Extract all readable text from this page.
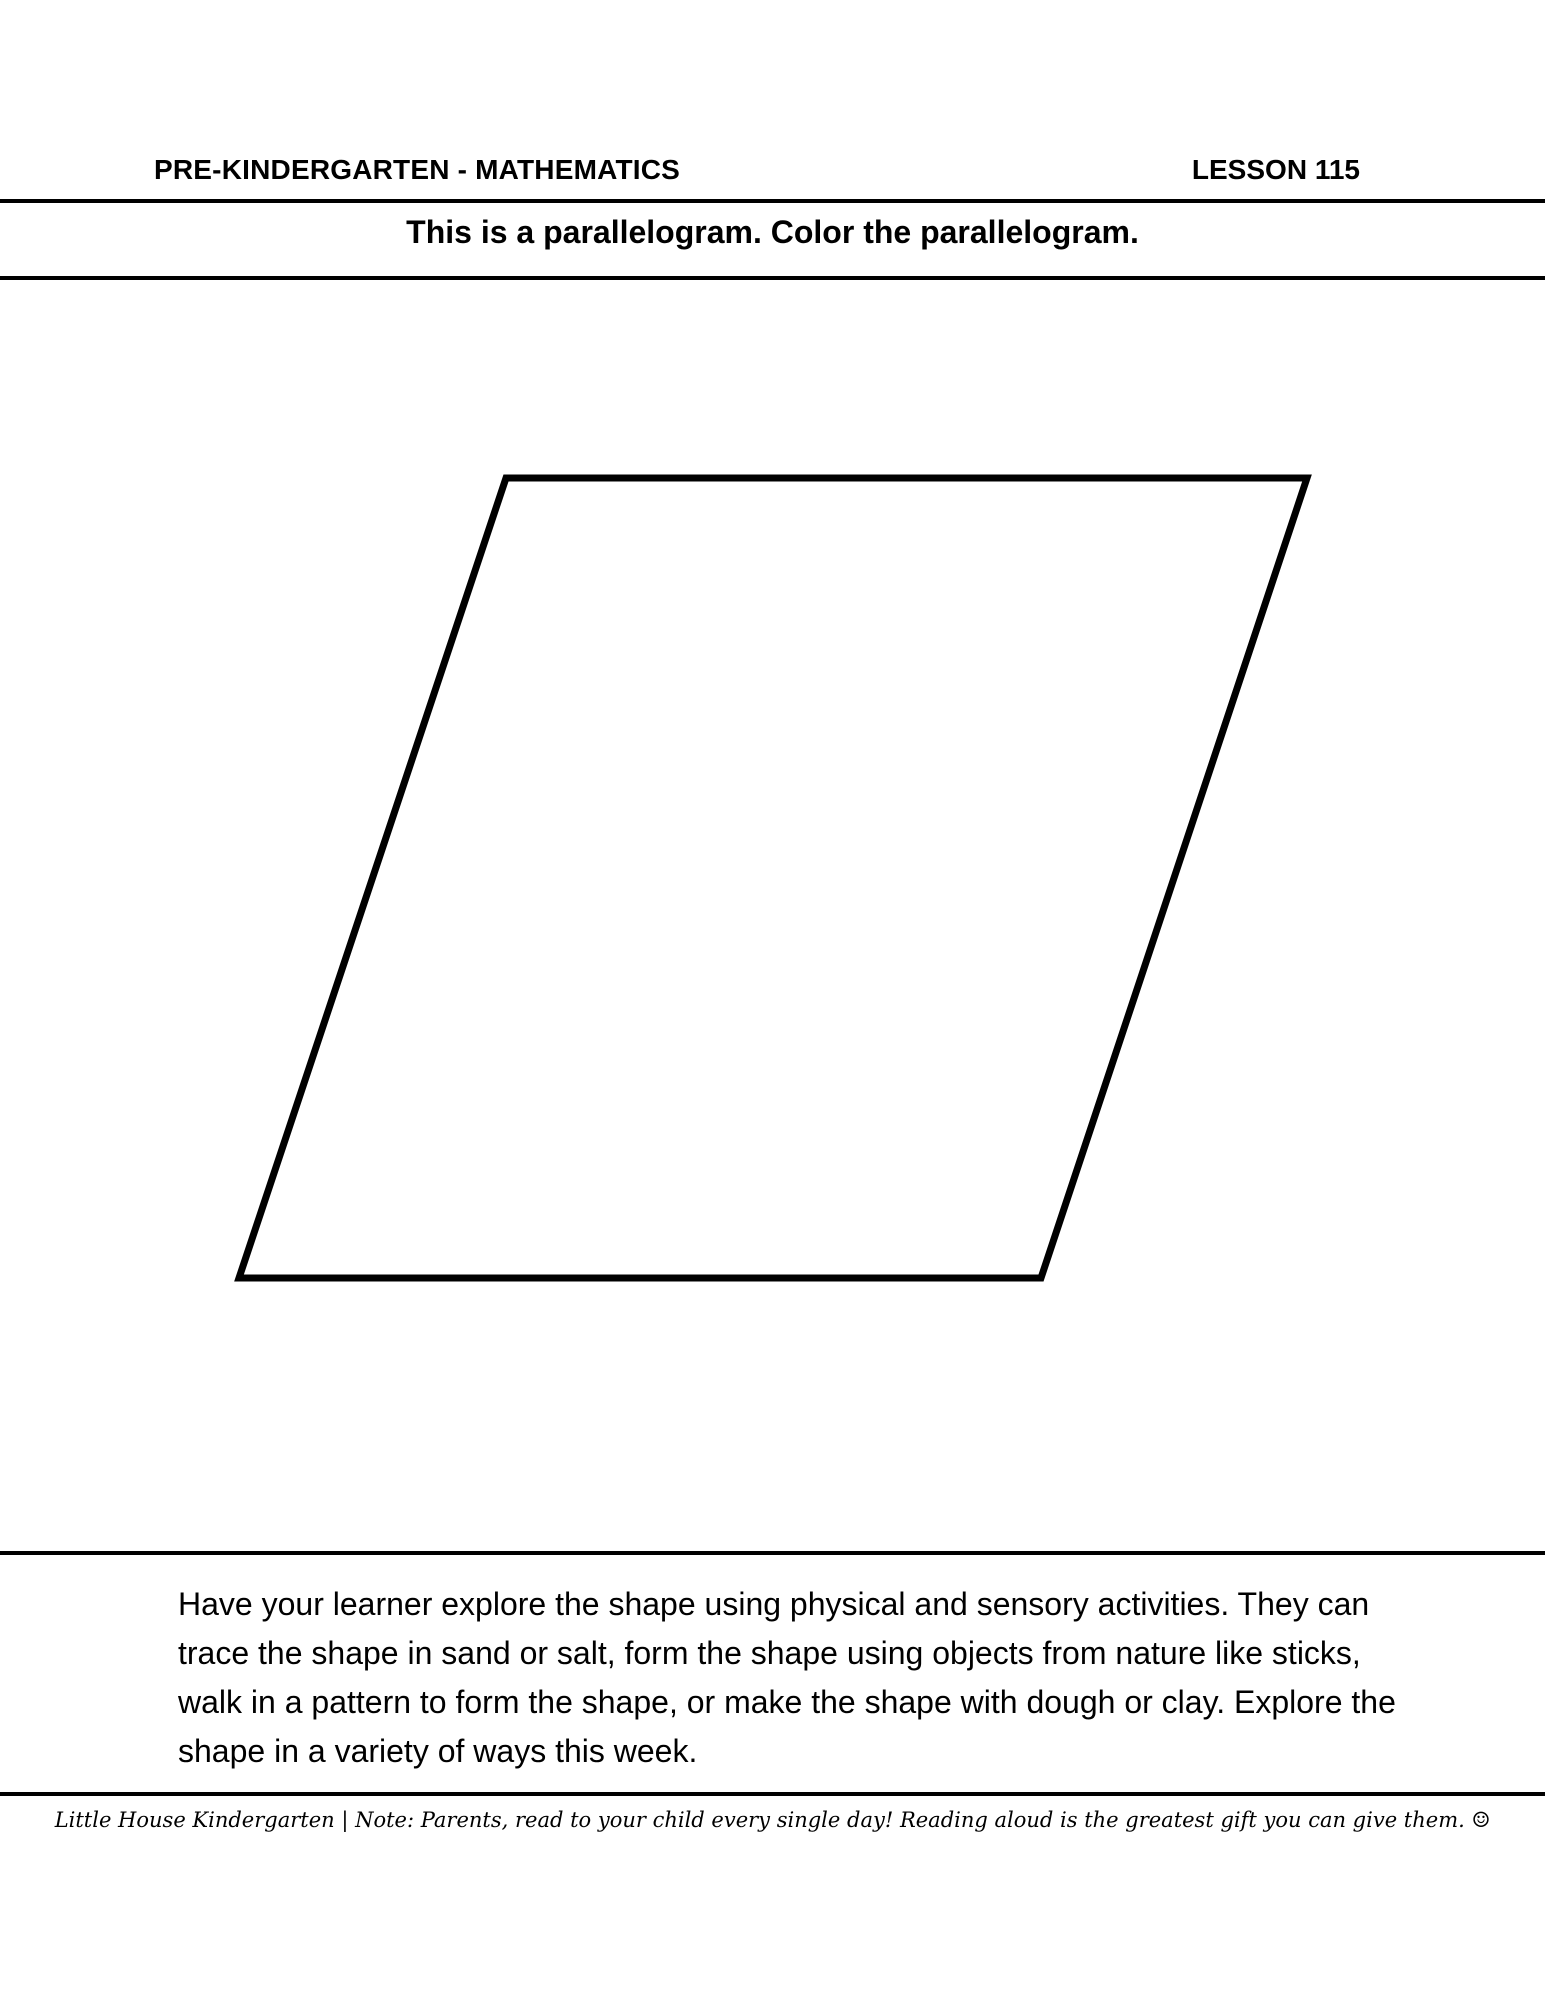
PRE-KINDERGARTEN - MATHEMATICS	LESSON 115
This is a parallelogram. Color the parallelogram.
Have your learner explore the shape using physical and sensory activities. They can trace the shape in sand or salt, form the shape using objects from nature like sticks, walk in a pattern to form the shape, or make the shape with dough or clay. Explore the shape in a variety of ways this week.
Little House Kindergarten | Note: Parents, read to your child every single day! Reading aloud is the greatest gift you can give them. ☺
